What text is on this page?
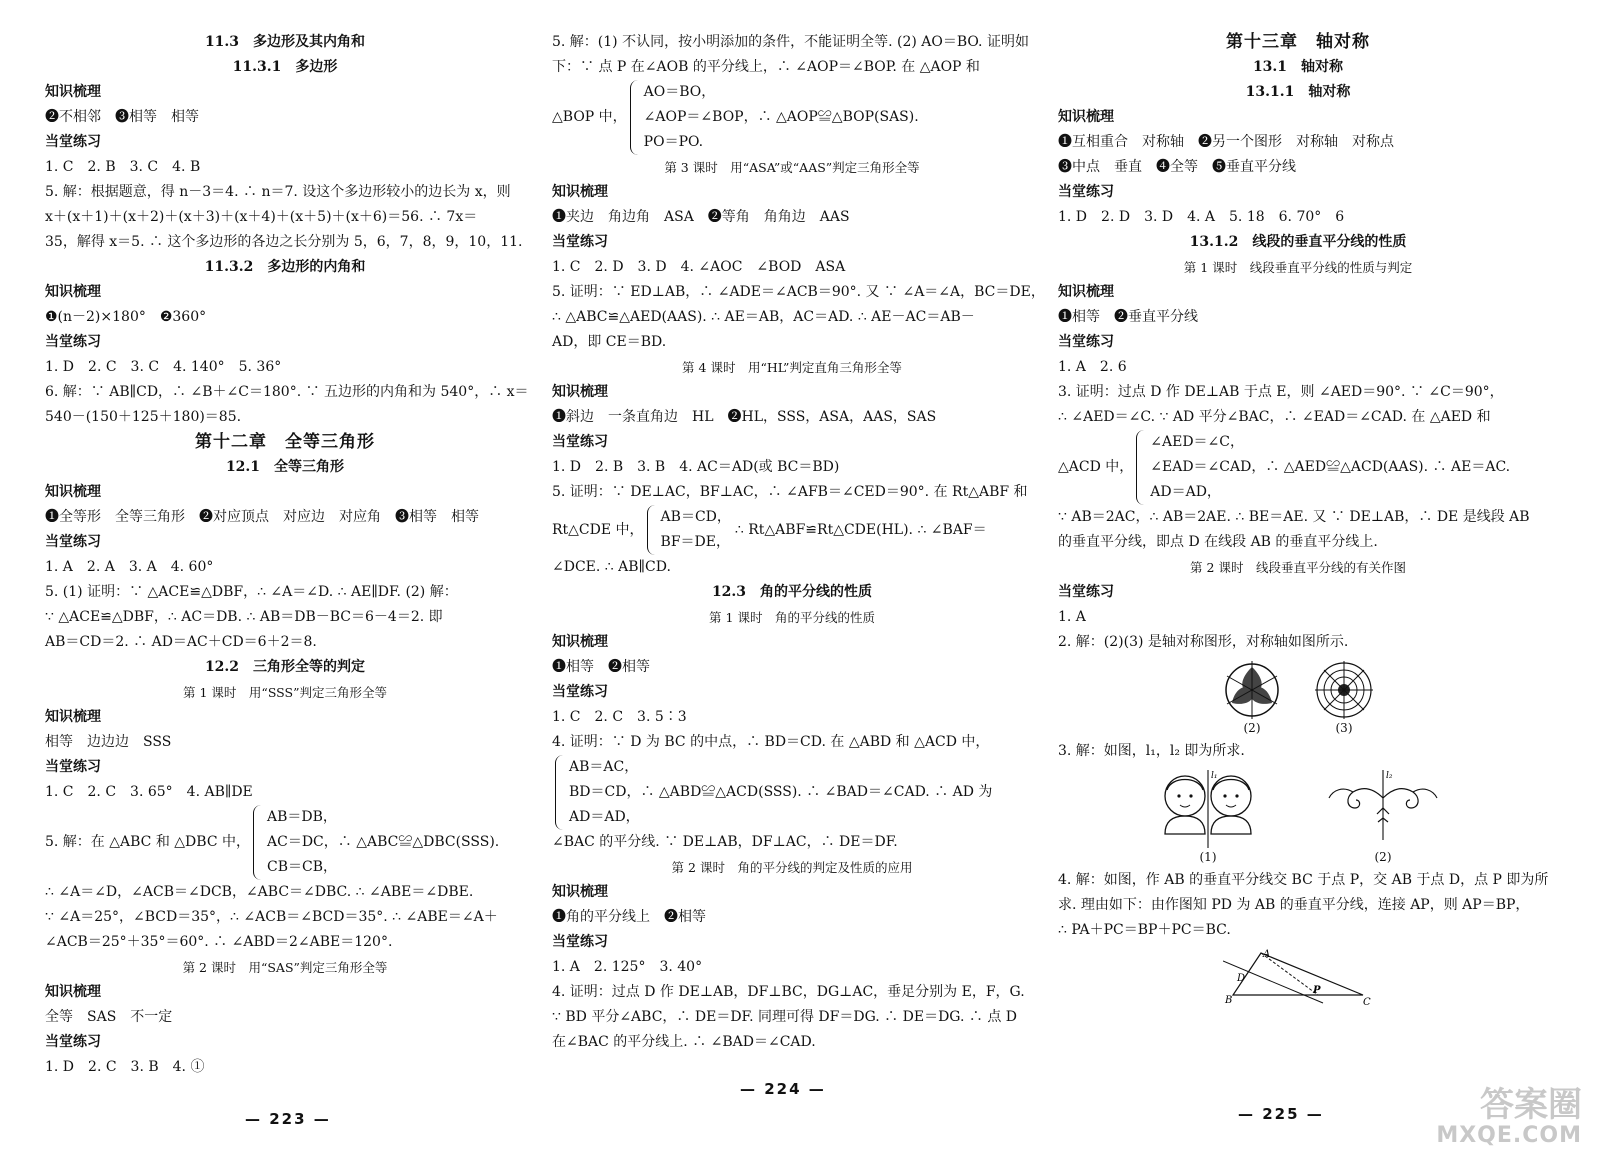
11.3　多边形及其内角和
11.3.1　多边形
知识梳理
❷不相邻　❸相等　相等
当堂练习
1. C　2. B　3. C　4. B
5. 解：根据题意，得 n－3＝4. ∴ n＝7. 设这个多边形较小的边长为 x，则
x＋(x＋1)＋(x＋2)＋(x＋3)＋(x＋4)＋(x＋5)＋(x＋6)＝56. ∴ 7x＝
35，解得 x＝5. ∴ 这个多边形的各边之长分别为 5，6，7，8，9，10，11.
11.3.2　多边形的内角和
知识梳理
❶(n－2)×180°　❷360°
当堂练习
1. D　2. C　3. C　4. 140°　5. 36°
6. 解：∵ AB∥CD，∴ ∠B＋∠C＝180°. ∵ 五边形的内角和为 540°，∴ x＝
540－(150＋125＋180)＝85.
第十二章　全等三角形
12.1　全等三角形
知识梳理
❶全等形　全等三角形　❷对应顶点　对应边　对应角　❸相等　相等
当堂练习
1. A　2. A　3. A　4. 60°
5. (1) 证明：∵ △ACE≌△DBF，∴ ∠A＝∠D. ∴ AE∥DF. (2) 解：
∵ △ACE≌△DBF，∴ AC＝DB. ∴ AB＝DB－BC＝6－4＝2. 即
AB＝CD＝2. ∴ AD＝AC＋CD＝6＋2＝8.
12.2　三角形全等的判定
第 1 课时　用“SSS”判定三角形全等
知识梳理
相等　边边边　SSS
当堂练习
1. C　2. C　3. 65°　4. AB∥DE
5. 解：在 △ABC 和 △DBC 中，
AB＝DB，
AC＝DC，∴ △ABC≌△DBC(SSS).
CB＝CB，
∴ ∠A＝∠D，∠ACB＝∠DCB，∠ABC＝∠DBC. ∴ ∠ABE＝∠DBE.
∵ ∠A＝25°，∠BCD＝35°，∴ ∠ACB＝∠BCD＝35°. ∴ ∠ABE＝∠A＋
∠ACB＝25°＋35°＝60°. ∴ ∠ABD＝2∠ABE＝120°.
第 2 课时　用“SAS”判定三角形全等
知识梳理
全等　SAS　不一定
当堂练习
1. D　2. C　3. B　4. ①
— 223 —
5. 解：(1) 不认同，按小明添加的条件，不能证明全等. (2) AO＝BO. 证明如
下：∵ 点 P 在∠AOB 的平分线上，∴ ∠AOP＝∠BOP. 在 △AOP 和
△BOP 中，
AO＝BO，
∠AOP＝∠BOP，∴ △AOP≌△BOP(SAS).
PO＝PO.
第 3 课时　用“ASA”或“AAS”判定三角形全等
知识梳理
❶夹边　角边角　ASA　❷等角　角角边　AAS
当堂练习
1. C　2. D　3. D　4. ∠AOC　∠BOD　ASA
5. 证明：∵ ED⊥AB，∴ ∠ADE＝∠ACB＝90°. 又 ∵ ∠A＝∠A，BC＝DE，
∴ △ABC≌△AED(AAS). ∴ AE＝AB，AC＝AD. ∴ AE－AC＝AB－
AD，即 CE＝BD.
第 4 课时　用“HL”判定直角三角形全等
知识梳理
❶斜边　一条直角边　HL　❷HL，SSS，ASA，AAS，SAS
当堂练习
1. D　2. B　3. B　4. AC＝AD(或 BC＝BD)
5. 证明：∵ DE⊥AC，BF⊥AC，∴ ∠AFB＝∠CED＝90°. 在 Rt△ABF 和
Rt△CDE 中，
AB＝CD，
BF＝DE，
∴ Rt△ABF≌Rt△CDE(HL). ∴ ∠BAF＝
∠DCE. ∴ AB∥CD.
12.3　角的平分线的性质
第 1 课时　角的平分线的性质
知识梳理
❶相等　❷相等
当堂练习
1. C　2. C　3. 5∶3
4. 证明：∵ D 为 BC 的中点，∴ BD＝CD. 在 △ABD 和 △ACD 中，
AB＝AC，
BD＝CD，∴ △ABD≌△ACD(SSS). ∴ ∠BAD＝∠CAD. ∴ AD 为
AD＝AD，
∠BAC 的平分线. ∵ DE⊥AB，DF⊥AC，∴ DE＝DF.
第 2 课时　角的平分线的判定及性质的应用
知识梳理
❶角的平分线上　❷相等
当堂练习
1. A　2. 125°　3. 40°
4. 证明：过点 D 作 DE⊥AB，DF⊥BC，DG⊥AC，垂足分别为 E，F，G.
∵ BD 平分∠ABC，∴ DE＝DF. 同理可得 DF＝DG. ∴ DE＝DG. ∴ 点 D
在∠BAC 的平分线上. ∴ ∠BAD＝∠CAD.
— 224 —
第十三章　轴对称
13.1　轴对称
13.1.1　轴对称
知识梳理
❶互相重合　对称轴　❷另一个图形　对称轴　对称点
❸中点　垂直　❹全等　❺垂直平分线
当堂练习
1. D　2. D　3. D　4. A　5. 18　6. 70°　6
13.1.2　线段的垂直平分线的性质
第 1 课时　线段垂直平分线的性质与判定
知识梳理
❶相等　❷垂直平分线
当堂练习
1. A　2. 6
3. 证明：过点 D 作 DE⊥AB 于点 E，则 ∠AED＝90°. ∵ ∠C＝90°，
∴ ∠AED＝∠C. ∵ AD 平分∠BAC，∴ ∠EAD＝∠CAD. 在 △AED 和
△ACD 中，
∠AED＝∠C，
∠EAD＝∠CAD，∴ △AED≌△ACD(AAS). ∴ AE＝AC.
AD＝AD，
∵ AB＝2AC，∴ AB＝2AE. ∴ BE＝AE. 又 ∵ DE⊥AB，∴ DE 是线段 AB
的垂直平分线，即点 D 在线段 AB 的垂直平分线上.
第 2 课时　线段垂直平分线的有关作图
当堂练习
1. A
2. 解：(2)(3) 是轴对称图形，对称轴如图所示.
(2)	(3)
3. 解：如图，l₁，l₂ 即为所求.
l₁
(1)
l₂
(2)
4. 解：如图，作 AB 的垂直平分线交 BC 于点 P，交 AB 于点 D，点 P 即为所
求. 理由如下：由作图知 PD 为 AB 的垂直平分线，连接 AP，则 AP＝BP，
∴ PA＋PC＝BP＋PC＝BC.
A
B
D
P
C
— 225 —	答案圈
MXQE.COM
